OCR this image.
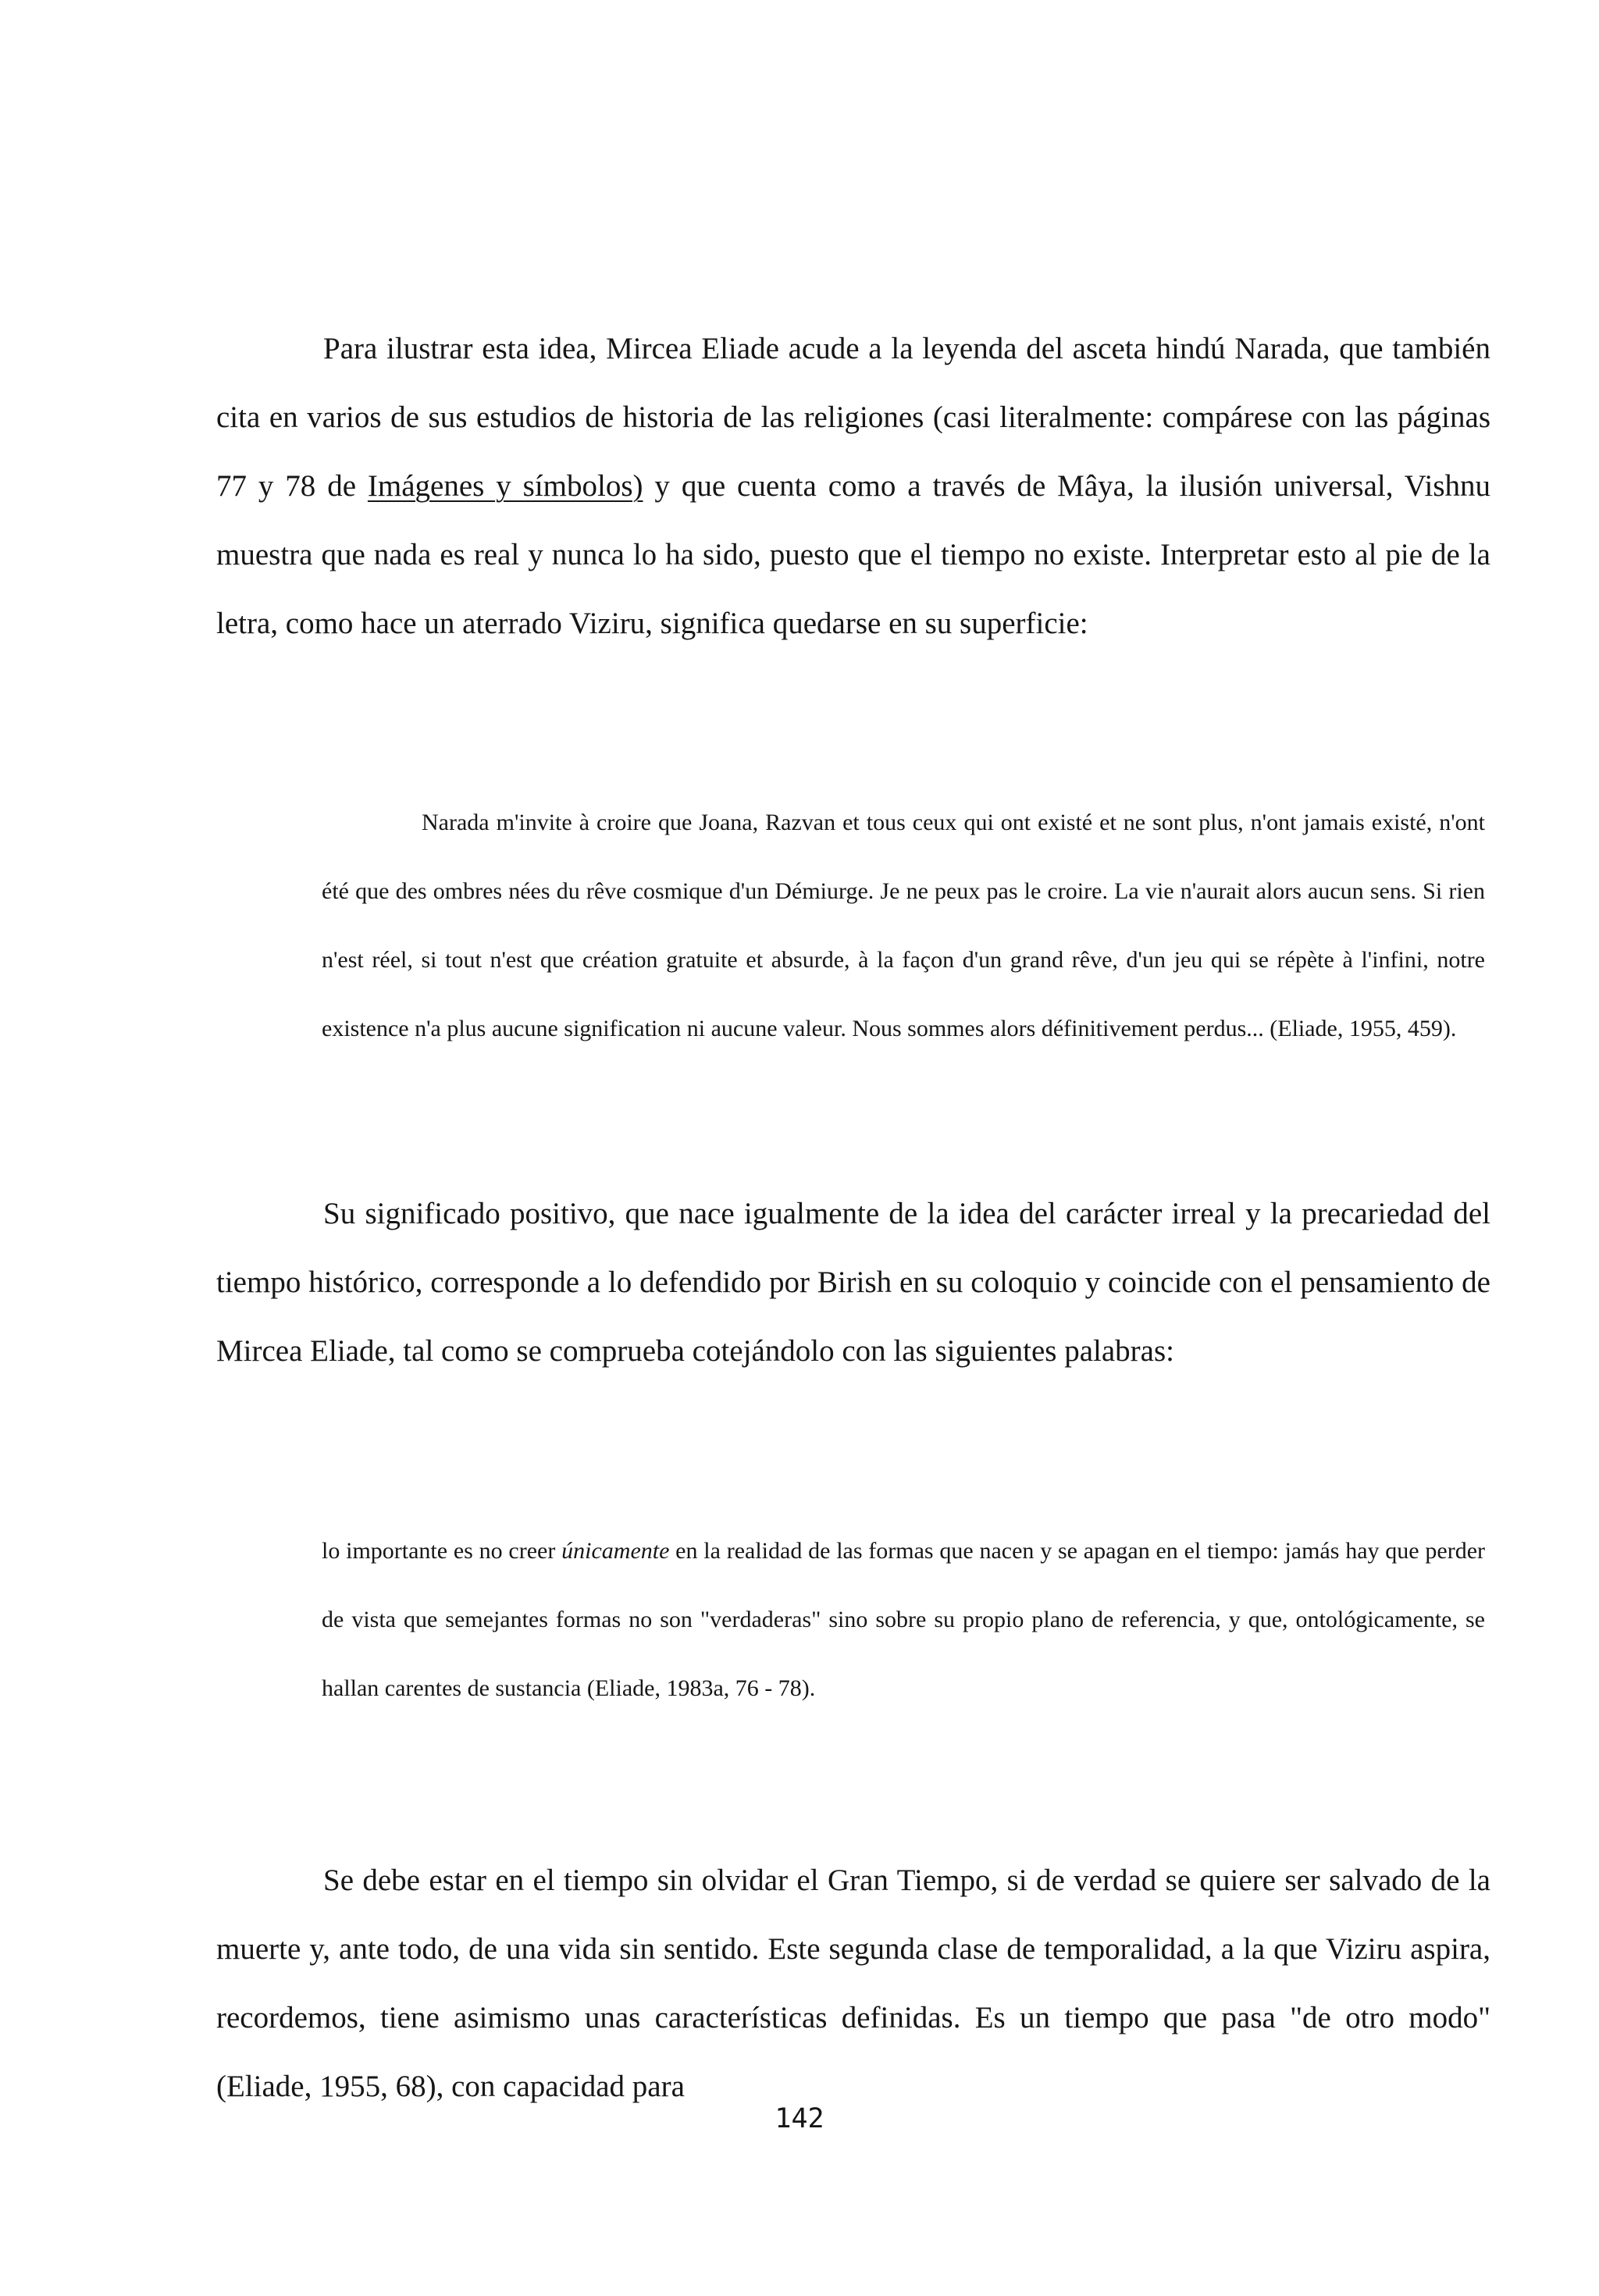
Para ilustrar esta idea, Mircea Eliade acude a la leyenda del asceta hindú Narada, que también cita en varios de sus estudios de historia de las religiones (casi literalmente: compárese con las páginas 77 y 78 de Imágenes y símbolos) y que cuenta como a través de Mâya, la ilusión universal, Vishnu muestra que nada es real y nunca lo ha sido, puesto que el tiempo no existe. Interpretar esto al pie de la letra, como hace un aterrado Viziru, significa quedarse en su superficie:

Narada m'invite à croire que Joana, Razvan et tous ceux qui ont existé et ne sont plus, n'ont jamais existé, n'ont été que des ombres nées du rêve cosmique d'un Démiurge. Je ne peux pas le croire. La vie n'aurait alors aucun sens. Si rien n'est réel, si tout n'est que création gratuite et absurde, à la façon d'un grand rêve, d'un jeu qui se répète à l'infini, notre existence n'a plus aucune signification ni aucune valeur. Nous sommes alors définitivement perdus... (Eliade, 1955, 459).

Su significado positivo, que nace igualmente de la idea del carácter irreal y la precariedad del tiempo histórico, corresponde a lo defendido por Birish en su coloquio y coincide con el pensamiento de Mircea Eliade, tal como se comprueba cotejándolo con las siguientes palabras:

lo importante es no creer únicamente en la realidad de las formas que nacen y se apagan en el tiempo: jamás hay que perder de vista que semejantes formas no son "verdaderas" sino sobre su propio plano de referencia, y que, ontológicamente, se hallan carentes de sustancia (Eliade, 1983a, 76 - 78).

Se debe estar en el tiempo sin olvidar el Gran Tiempo, si de verdad se quiere ser salvado de la muerte y, ante todo, de una vida sin sentido. Este segunda clase de temporalidad, a la que Viziru aspira, recordemos, tiene asimismo unas características definidas. Es un tiempo que pasa "de otro modo" (Eliade, 1955, 68), con capacidad para

142
